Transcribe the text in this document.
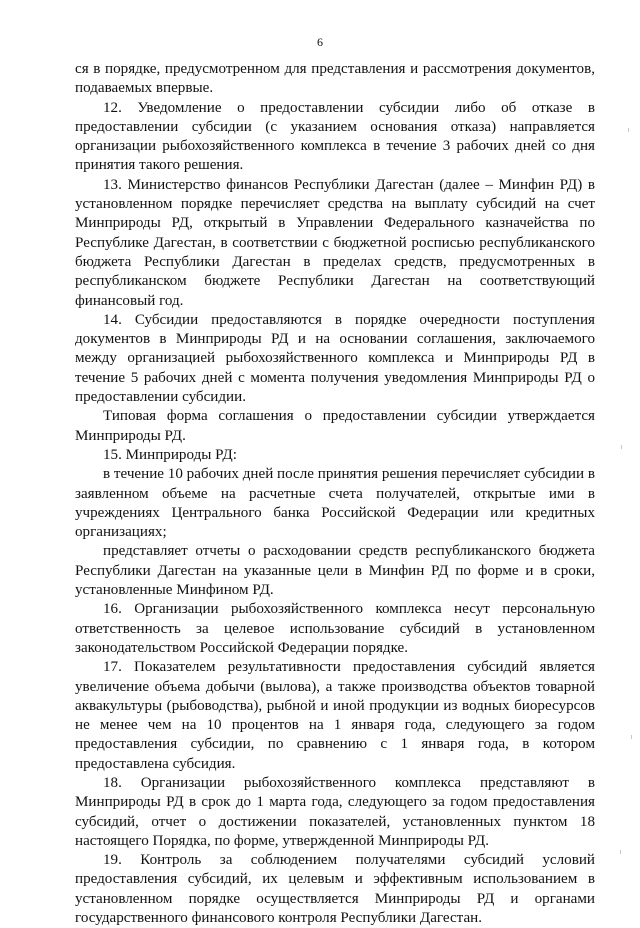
6

ся в порядке, предусмотренном для представления и рассмотрения документов, подаваемых впервые.

12. Уведомление о предоставлении субсидии либо об отказе в предоставлении субсидии (с указанием основания отказа) направляется организации рыбохозяйственного комплекса в течение 3 рабочих дней со дня принятия такого решения.

13. Министерство финансов Республики Дагестан (далее – Минфин РД) в установленном порядке перечисляет средства на выплату субсидий на счет Минприроды РД, открытый в Управлении Федерального казначейства по Республике Дагестан, в соответствии с бюджетной росписью республиканского бюджета Республики Дагестан в пределах средств, предусмотренных в республиканском бюджете Республики Дагестан на соответствующий финансовый год.

14. Субсидии предоставляются в порядке очередности поступления документов в Минприроды РД и на основании соглашения, заключаемого между организацией рыбохозяйственного комплекса и Минприроды РД в течение 5 рабочих дней с момента получения уведомления Минприроды РД о предоставлении субсидии.

Типовая форма соглашения о предоставлении субсидии утверждается Минприроды РД.

15. Минприроды РД:

в течение 10 рабочих дней после принятия решения перечисляет субсидии в заявленном объеме на расчетные счета получателей, открытые ими в учреждениях Центрального банка Российской Федерации или кредитных организациях;

представляет отчеты о расходовании средств республиканского бюджета Республики Дагестан на указанные цели в Минфин РД по форме и в сроки, установленные Минфином РД.

16. Организации рыбохозяйственного комплекса несут персональную ответственность за целевое использование субсидий в установленном законодательством Российской Федерации порядке.

17. Показателем результативности предоставления субсидий является увеличение объема добычи (вылова), а также производства объектов товарной аквакультуры (рыбоводства), рыбной и иной продукции из водных биоресурсов не менее чем на 10 процентов на 1 января года, следующего за годом предоставления субсидии, по сравнению с 1 января года, в котором предоставлена субсидия.

18. Организации рыбохозяйственного комплекса представляют в Минприроды РД в срок до 1 марта года, следующего за годом предоставления субсидий, отчет о достижении показателей, установленных пунктом 18 настоящего Порядка, по форме, утвержденной Минприроды РД.

19. Контроль за соблюдением получателями субсидий условий предоставления субсидий, их целевым и эффективным использованием в установленном порядке осуществляется Минприроды РД и органами государственного финансового контроля Республики Дагестан.
